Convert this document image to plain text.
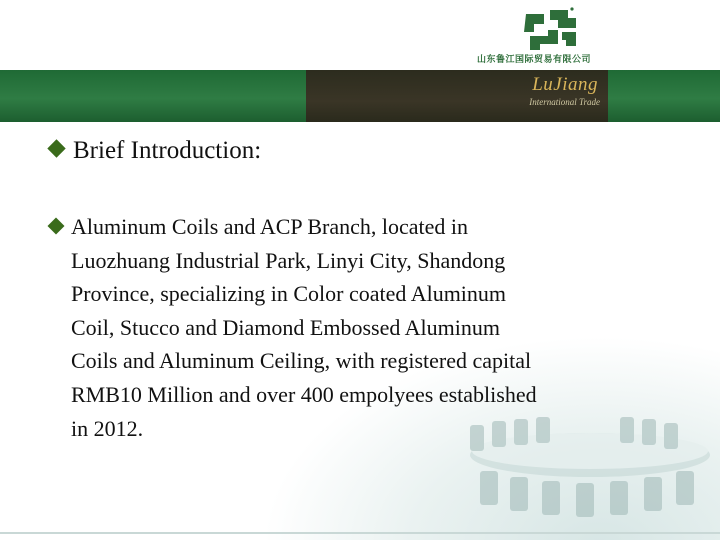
山东鲁江国际贸易有限公司
LuJiang
International Trade
Brief Introduction:
Aluminum Coils and ACP Branch, located in
Luozhuang Industrial Park, Linyi City, Shandong
Province, specializing in Color coated Aluminum
Coil, Stucco and Diamond Embossed Aluminum
Coils and Aluminum Ceiling, with registered capital
RMB10 Million and over 400 empolyees established
in 2012.
